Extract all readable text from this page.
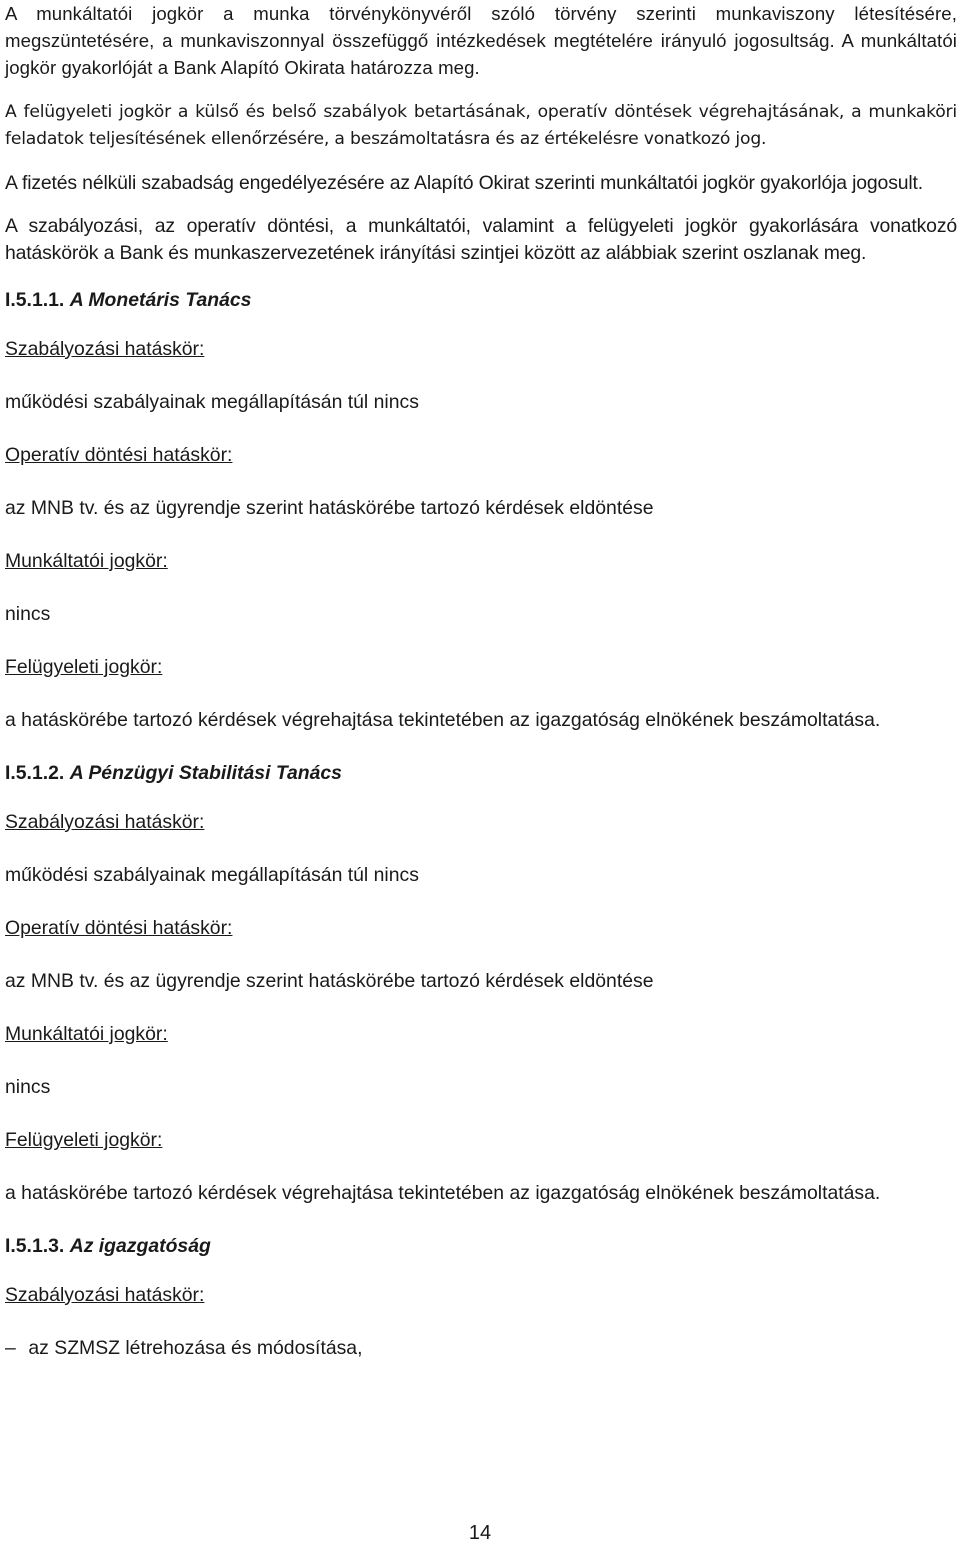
A munkáltatói jogkör a munka törvénykönyvéről szóló törvény szerinti munkaviszony létesítésére, megszüntetésére, a munkaviszonnyal összefüggő intézkedések megtételére irányuló jogosultság. A munkáltatói jogkör gyakorlóját a Bank Alapító Okirata határozza meg.

A felügyeleti jogkör a külső és belső szabályok betartásának, operatív döntések végrehajtásának, a munkaköri feladatok teljesítésének ellenőrzésére, a beszámoltatásra és az értékelésre vonatkozó jog.

A fizetés nélküli szabadság engedélyezésére az Alapító Okirat szerinti munkáltatói jogkör gyakorlója jogosult.

A szabályozási, az operatív döntési, a munkáltatói, valamint a felügyeleti jogkör gyakorlására vonatkozó hatáskörök a Bank és munkaszervezetének irányítási szintjei között az alábbiak szerint oszlanak meg.

I.5.1.1. A Monetáris Tanács
Szabályozási hatáskör:
működési szabályainak megállapításán túl nincs
Operatív döntési hatáskör:
az MNB tv. és az ügyrendje szerint hatáskörébe tartozó kérdések eldöntése
Munkáltatói jogkör:
nincs
Felügyeleti jogkör:
a hatáskörébe tartozó kérdések végrehajtása tekintetében az igazgatóság elnökének beszámoltatása.
I.5.1.2. A Pénzügyi Stabilitási Tanács
Szabályozási hatáskör:
működési szabályainak megállapításán túl nincs
Operatív döntési hatáskör:
az MNB tv. és az ügyrendje szerint hatáskörébe tartozó kérdések eldöntése
Munkáltatói jogkör:
nincs
Felügyeleti jogkör:
a hatáskörébe tartozó kérdések végrehajtása tekintetében az igazgatóság elnökének beszámoltatása.
I.5.1.3. Az igazgatóság
Szabályozási hatáskör:
– az SZMSZ létrehozása és módosítása,
14
